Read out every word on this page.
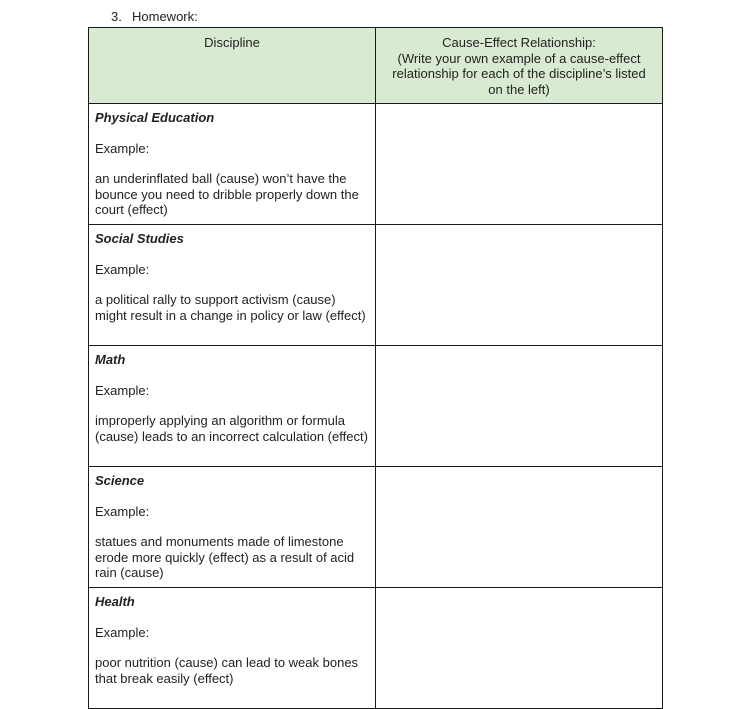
3. Homework:
Discipline	Cause-Effect Relationship:
(Write your own example of a cause-effect relationship for each of the discipline’s listed on the left)

Physical Education
Example:
an underinflated ball (cause) won’t have the bounce you need to dribble properly down the court (effect)	

Social Studies
Example:
a political rally to support activism (cause) might result in a change in policy or law (effect)	

Math
Example:
improperly applying an algorithm or formula (cause) leads to an incorrect calculation (effect)	

Science
Example:
statues and monuments made of limestone erode more quickly (effect) as a result of acid rain (cause)	

Health
Example:
poor nutrition (cause) can lead to weak bones that break easily (effect)	
